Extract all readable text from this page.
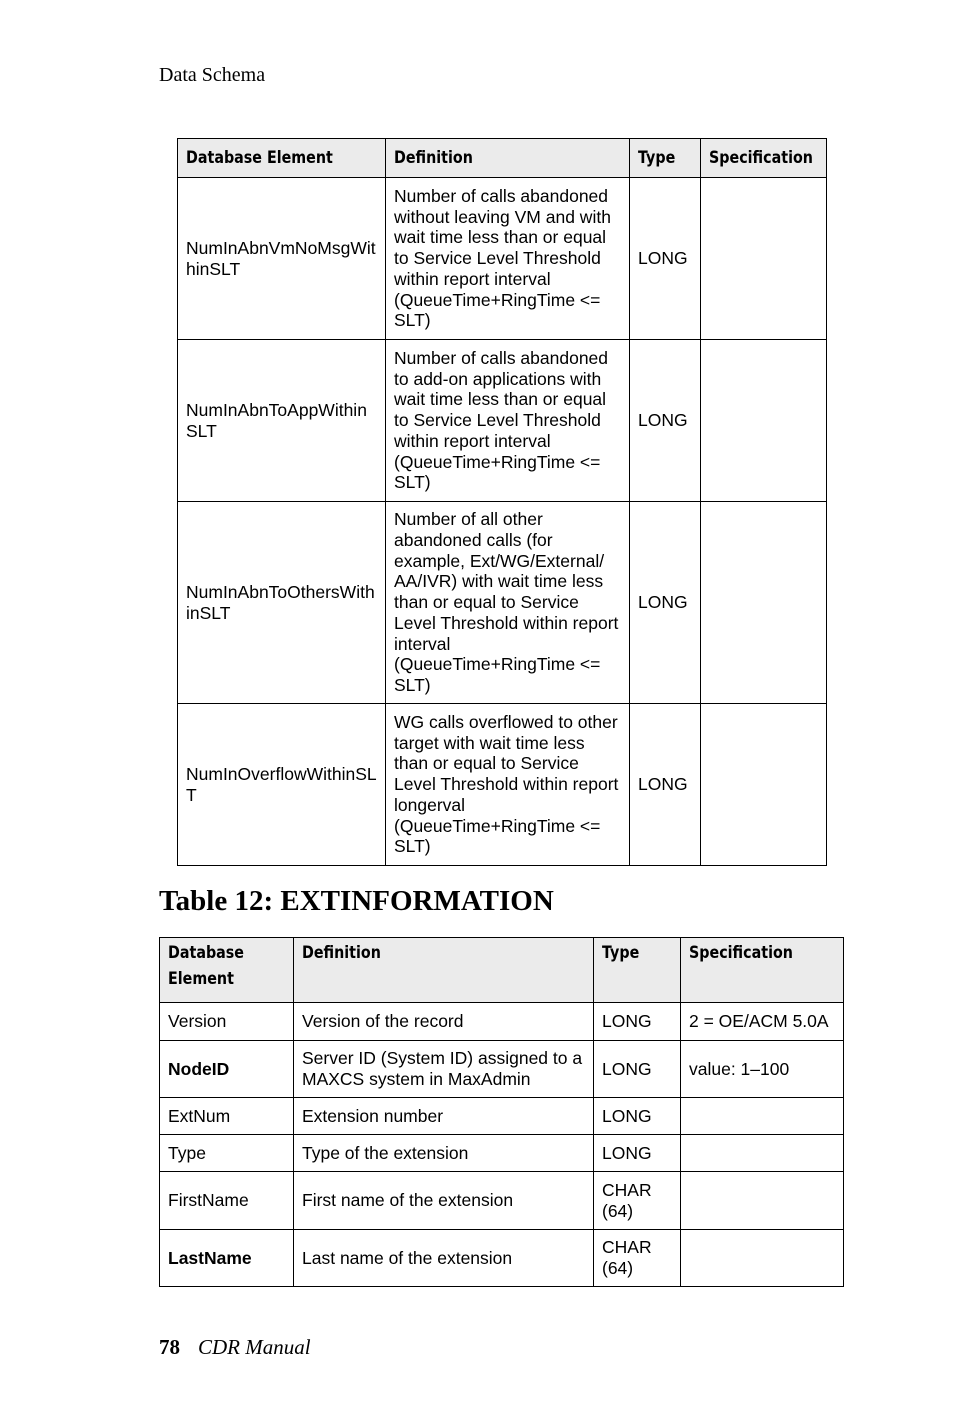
Data Schema
Database Element	Definition	Type	Specification
NumInAbnVmNoMsgWithinSLT	Number of calls abandoned without leaving VM and with wait time less than or equal to Service Level Threshold within report interval (QueueTime+RingTime <= SLT)	LONG	
NumInAbnToAppWithinSLT	Number of calls abandoned to add-on applications with wait time less than or equal to Service Level Threshold within report interval (QueueTime+RingTime <= SLT)	LONG	
NumInAbnToOthersWithinSLT	Number of all other abandoned calls (for example, Ext/WG/External/ AA/IVR) with wait time less than or equal to Service Level Threshold within report interval (QueueTime+RingTime <= SLT)	LONG	
NumInOverflowWithinSLT	WG calls overflowed to other target with wait time less than or equal to Service Level Threshold within report longerval (QueueTime+RingTime <= SLT)	LONG	
Table 12: EXTINFORMATION
Database
Element	Definition	Type	Specification
Version	Version of the record	LONG	2 = OE/ACM 5.0A
NodeID	Server ID (System ID) assigned to a MAXCS system in MaxAdmin	LONG	value: 1–100
ExtNum	Extension number	LONG	
Type	Type of the extension	LONG	
FirstName	First name of the extension	CHAR (64)	
LastName	Last name of the extension	CHAR (64)	
78 CDR Manual
